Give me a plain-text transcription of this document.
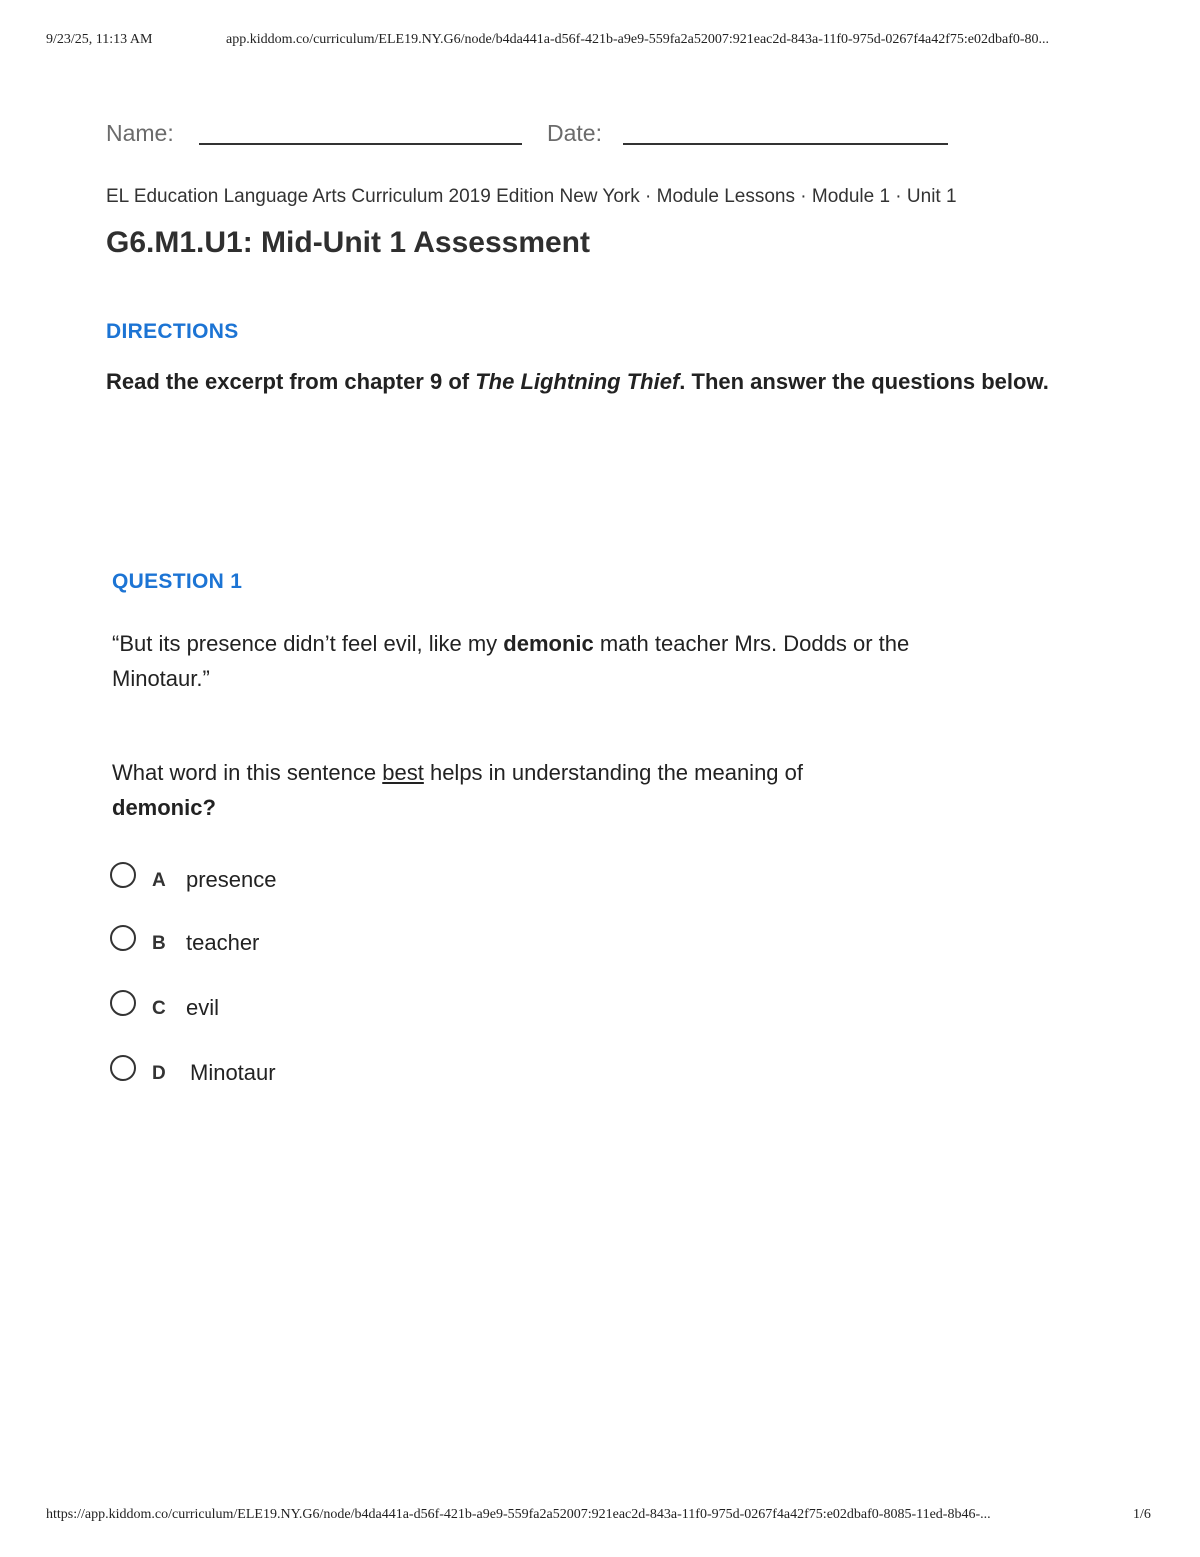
9/23/25, 11:13 AM	app.kiddom.co/curriculum/ELE19.NY.G6/node/b4da441a-d56f-421b-a9e9-559fa2a52007:921eac2d-843a-11f0-975d-0267f4a42f75:e02dbaf0-80...
Name:	Date:
EL Education Language Arts Curriculum 2019 Edition New York · Module Lessons · Module 1 · Unit 1
G6.M1.U1: Mid-Unit 1 Assessment
DIRECTIONS

Read the excerpt from chapter 9 of The Lightning Thief. Then answer the questions below.

QUESTION 1

“But its presence didn’t feel evil, like my demonic math teacher Mrs. Dodds or the Minotaur.”

What word in this sentence best helps in understanding the meaning of
demonic?

A presence
B teacher
C evil
D Minotaur
https://app.kiddom.co/curriculum/ELE19.NY.G6/node/b4da441a-d56f-421b-a9e9-559fa2a52007:921eac2d-843a-11f0-975d-0267f4a42f75:e02dbaf0-8085-11ed-8b46-...	1/6
